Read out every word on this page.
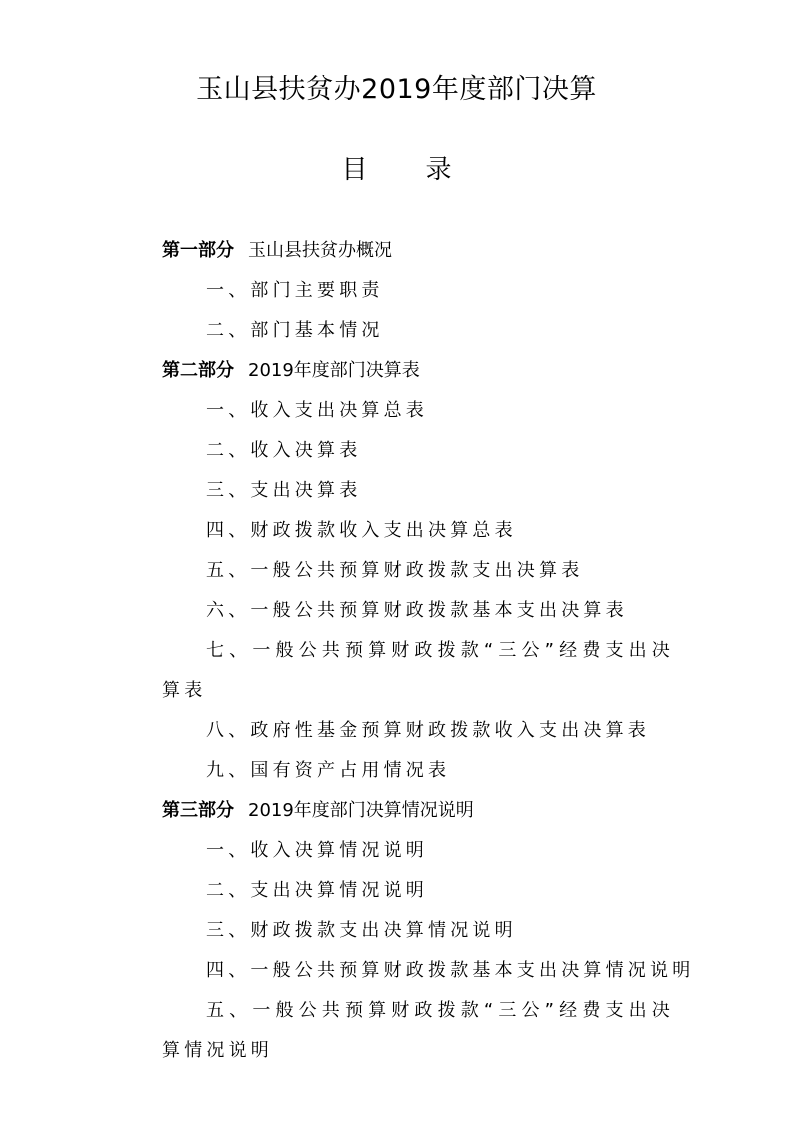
玉山县扶贫办2019年度部门决算
目 录
第一部分 玉山县扶贫办概况
一、部门主要职责
二、部门基本情况
第二部分 2019年度部门决算表
一、收入支出决算总表
二、收入决算表
三、支出决算表
四、财政拨款收入支出决算总表
五、一般公共预算财政拨款支出决算表
六、一般公共预算财政拨款基本支出决算表
七、一般公共预算财政拨款“三公”经费支出决算表
八、政府性基金预算财政拨款收入支出决算表
九、国有资产占用情况表
第三部分 2019年度部门决算情况说明
一、收入决算情况说明
二、支出决算情况说明
三、财政拨款支出决算情况说明
四、一般公共预算财政拨款基本支出决算情况说明
五、一般公共预算财政拨款“三公”经费支出决算情况说明
